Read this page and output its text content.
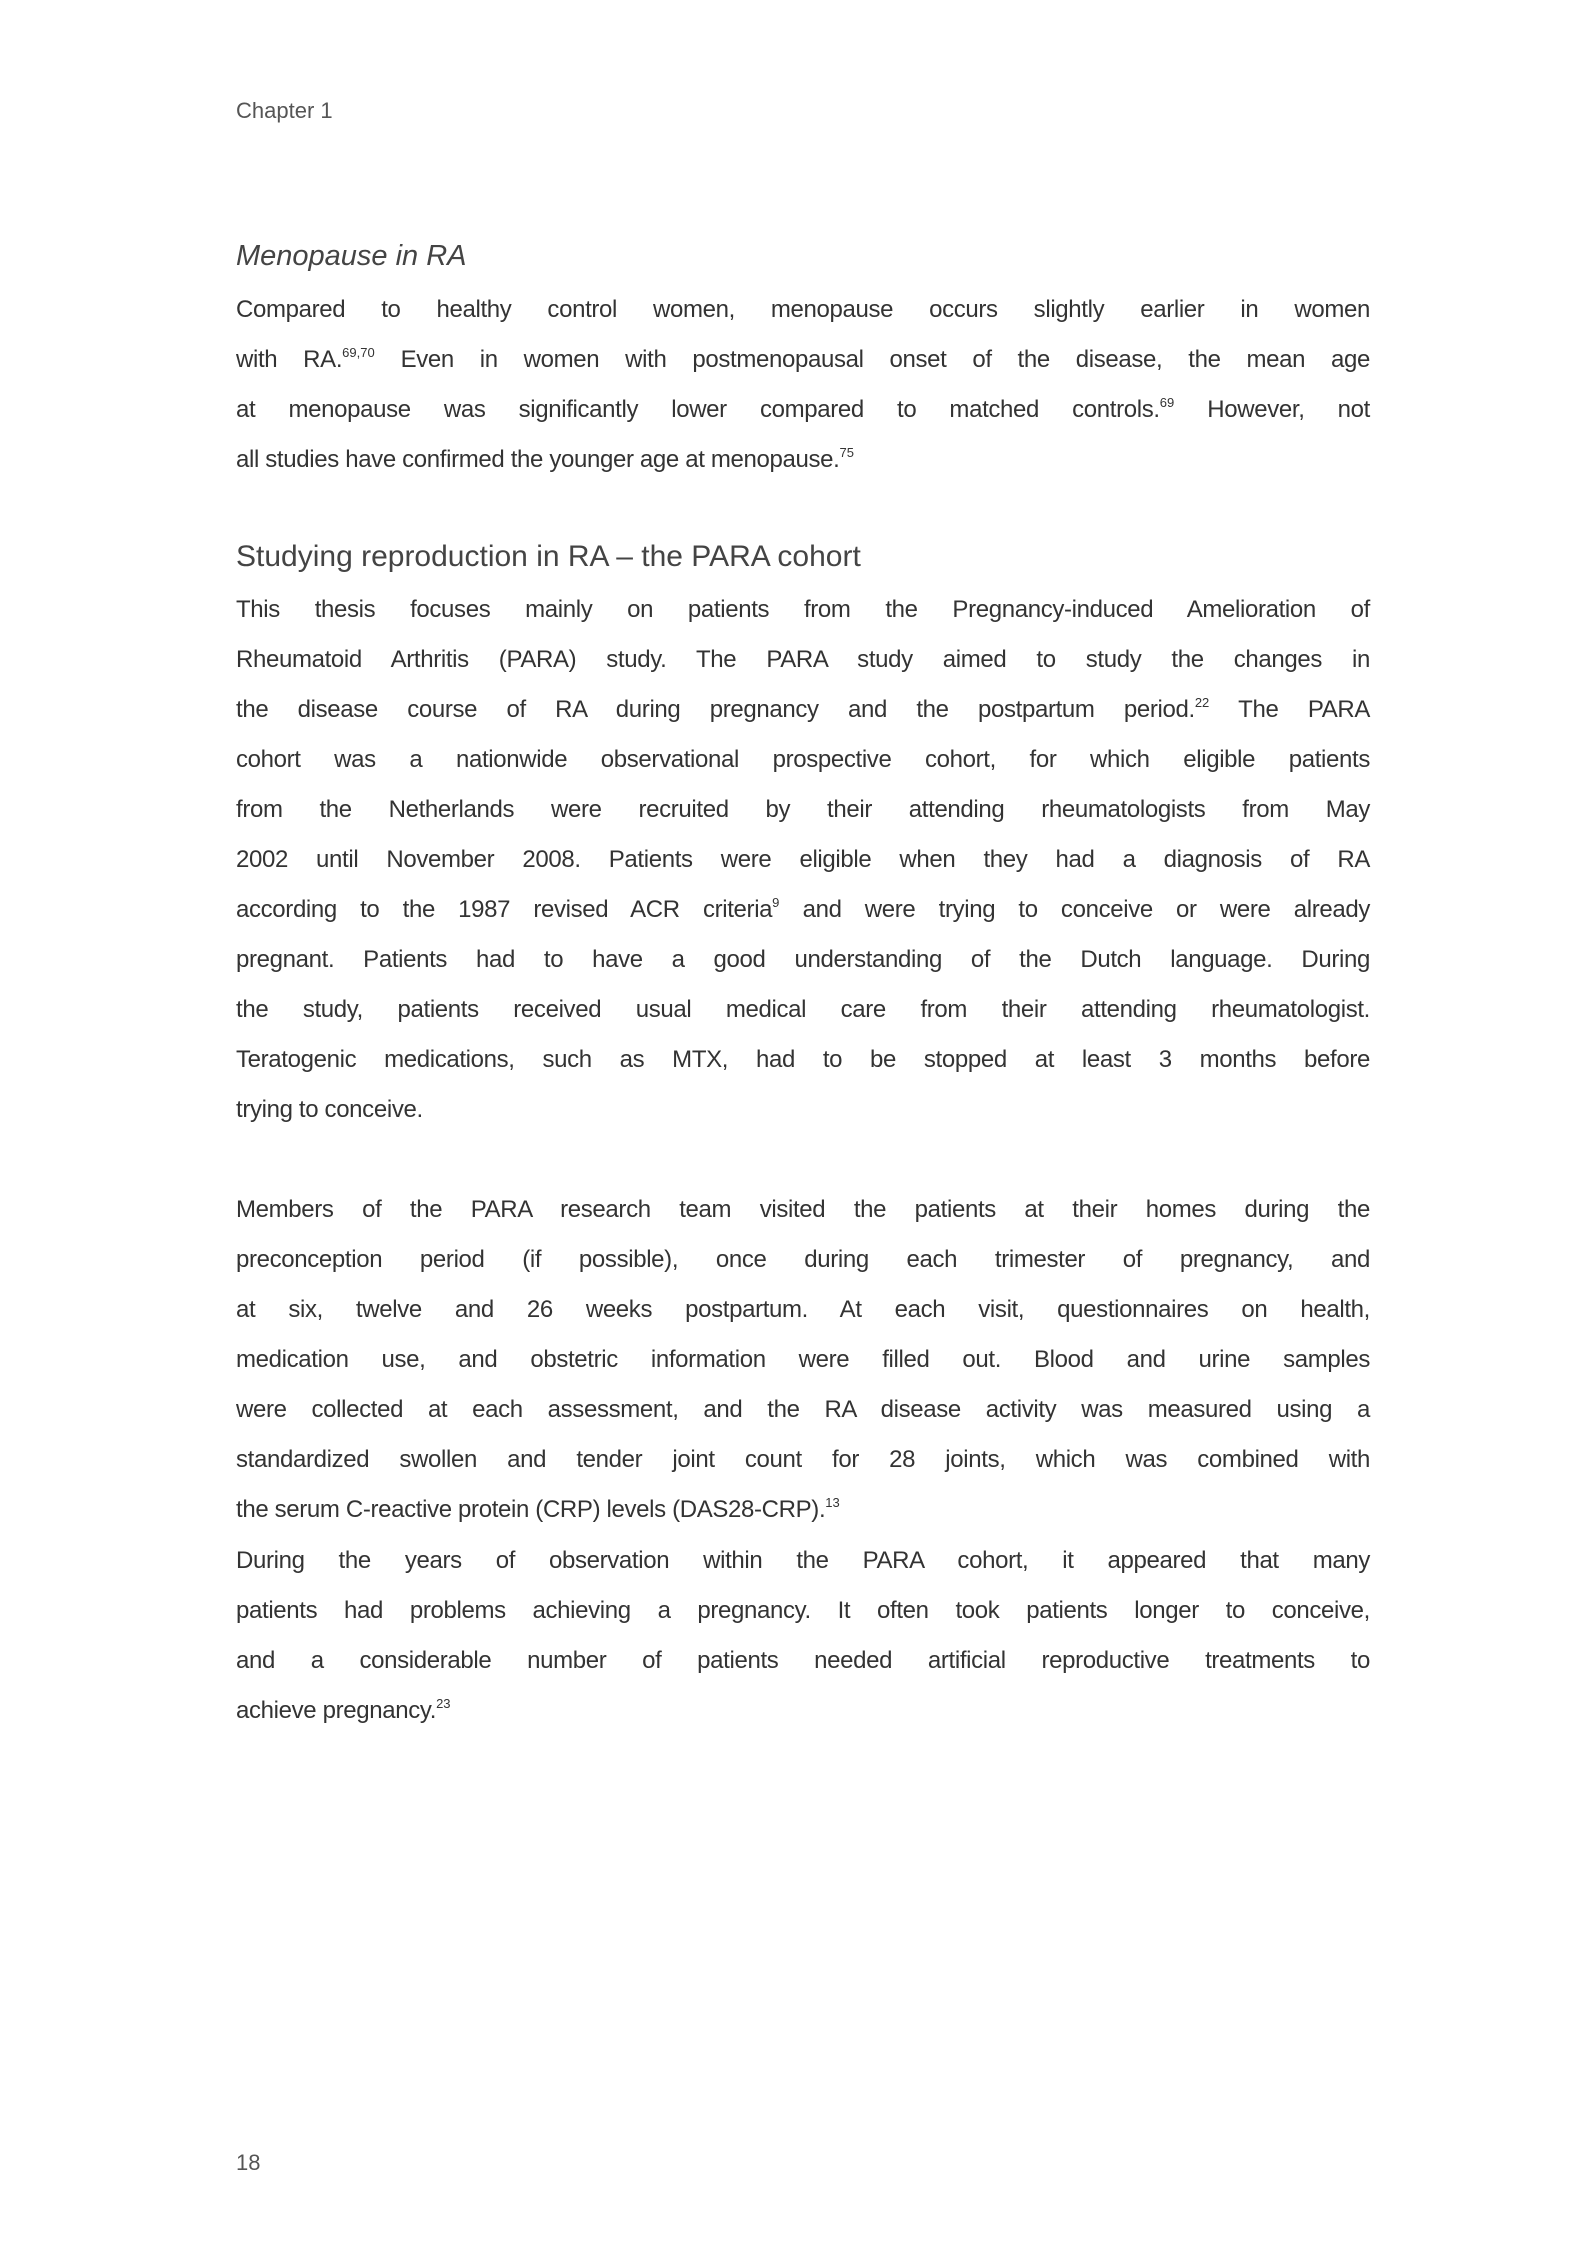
Chapter 1
Menopause in RA
Compared to healthy control women, menopause occurs slightly earlier in women
with RA.$^{69,70}$ Even in women with postmenopausal onset of the disease, the mean age
at menopause was significantly lower compared to matched controls.$^{69}$ However, not
all studies have confirmed the younger age at menopause.$^{75}$
Studying reproduction in RA – the PARA cohort
This thesis focuses mainly on patients from the Pregnancy-induced Amelioration of
Rheumatoid Arthritis (PARA) study. The PARA study aimed to study the changes in
the disease course of RA during pregnancy and the postpartum period.$^{22}$ The PARA
cohort was a nationwide observational prospective cohort, for which eligible patients
from the Netherlands were recruited by their attending rheumatologists from May
2002 until November 2008. Patients were eligible when they had a diagnosis of RA
according to the 1987 revised ACR criteria$^9$ and were trying to conceive or were already
pregnant. Patients had to have a good understanding of the Dutch language. During
the study, patients received usual medical care from their attending rheumatologist.
Teratogenic medications, such as MTX, had to be stopped at least 3 months before
trying to conceive.
Members of the PARA research team visited the patients at their homes during the
preconception period (if possible), once during each trimester of pregnancy, and
at six, twelve and 26 weeks postpartum. At each visit, questionnaires on health,
medication use, and obstetric information were filled out. Blood and urine samples
were collected at each assessment, and the RA disease activity was measured using a
standardized swollen and tender joint count for 28 joints, which was combined with
the serum C-reactive protein (CRP) levels (DAS28-CRP).$^{13}$
During the years of observation within the PARA cohort, it appeared that many
patients had problems achieving a pregnancy. It often took patients longer to conceive,
and a considerable number of patients needed artificial reproductive treatments to
achieve pregnancy.$^{23}$
18
